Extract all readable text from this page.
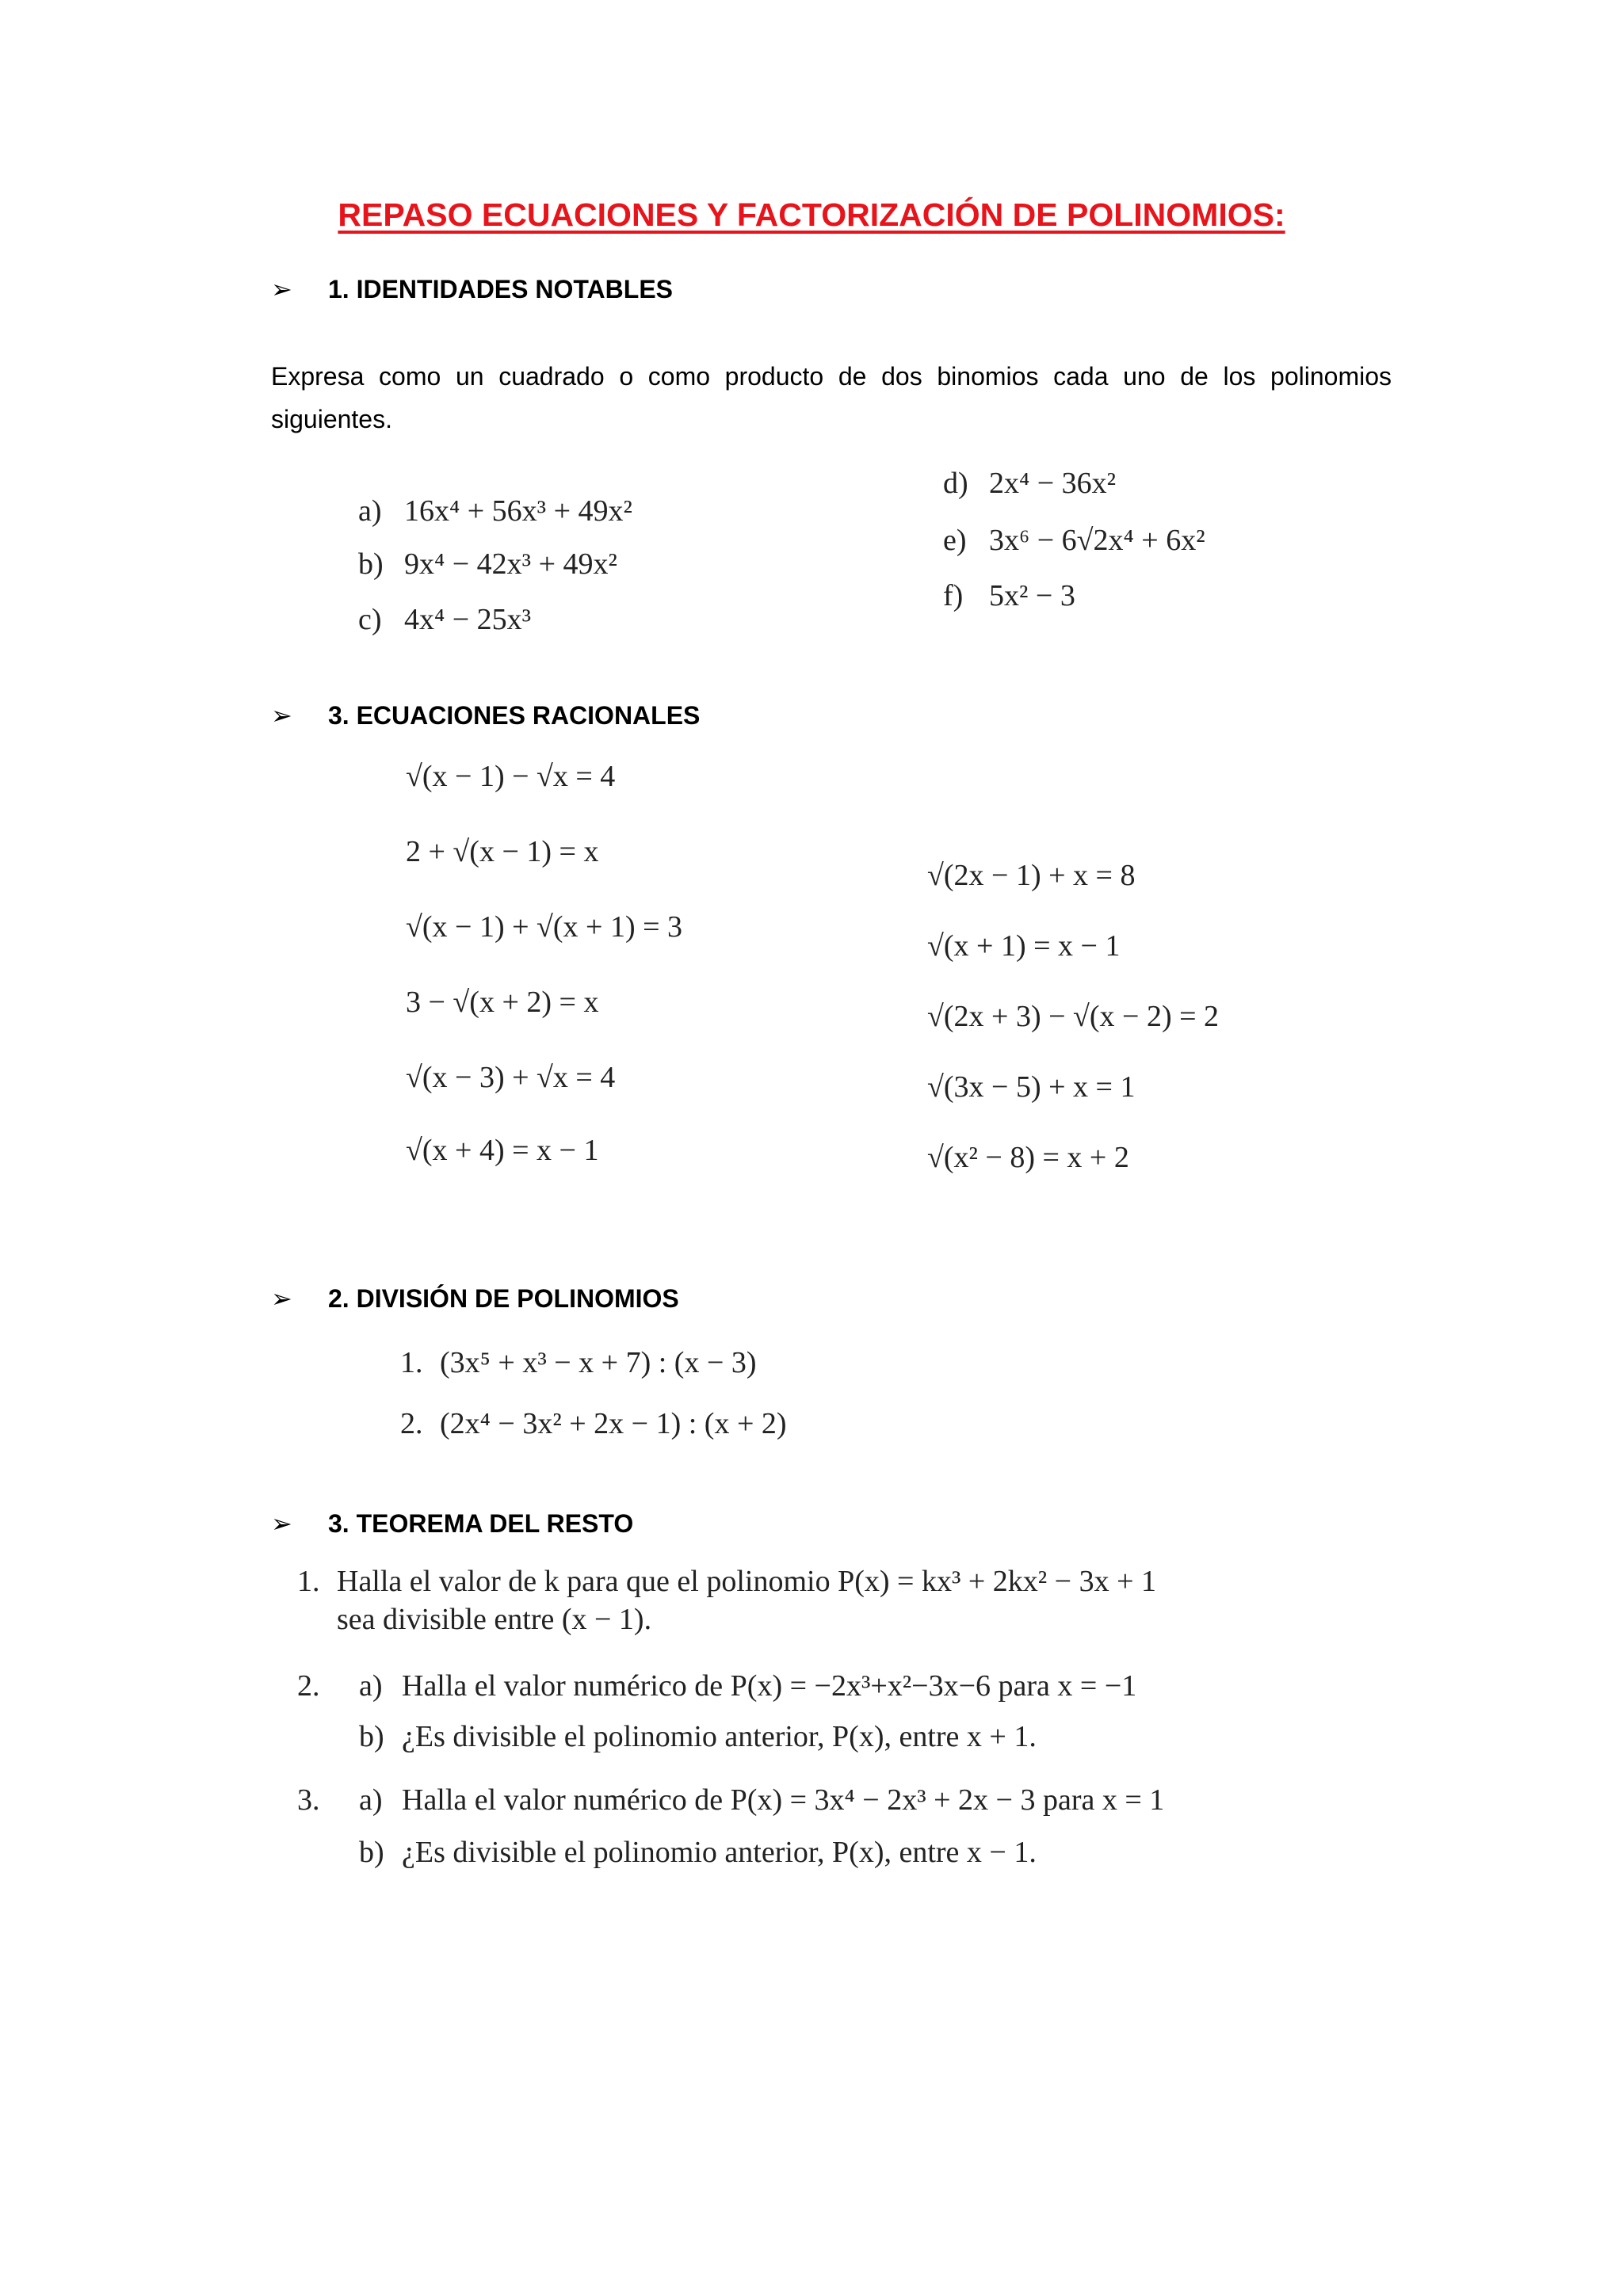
REPASO ECUACIONES Y FACTORIZACIÓN DE POLINOMIOS:
➢	1. IDENTIDADES NOTABLES
Expresa como un cuadrado o como producto de dos binomios cada uno de los polinomios siguientes.
a) 16x⁴ + 56x³ + 49x²
b) 9x⁴ − 42x³ + 49x²
c) 4x⁴ − 25x³
d) 2x⁴ − 36x²
e) 3x⁶ − 6√2x⁴ + 6x²
f) 5x² − 3
➢	3. ECUACIONES RACIONALES
√(x − 1) − √x = 4
2 + √(x − 1) = x
√(x − 1) + √(x + 1) = 3
3 − √(x + 2) = x
√(x − 3) + √x = 4
√(x + 4) = x − 1
√(2x − 1) + x = 8
√(x + 1) = x − 1
√(2x + 3) − √(x − 2) = 2
√(3x − 5) + x = 1
√(x² − 8) = x + 2
➢	2. DIVISIÓN DE POLINOMIOS
1. (3x⁵ + x³ − x + 7) : (x − 3)
2. (2x⁴ − 3x² + 2x − 1) : (x + 2)
➢	3. TEOREMA DEL RESTO
1. Halla el valor de k para que el polinomio P(x) = kx³ + 2kx² − 3x + 1
sea divisible entre (x − 1).
2. a) Halla el valor numérico de P(x) = −2x³+x²−3x−6 para x = −1
b) ¿Es divisible el polinomio anterior, P(x), entre x + 1.
3. a) Halla el valor numérico de P(x) = 3x⁴ − 2x³ + 2x − 3 para x = 1
b) ¿Es divisible el polinomio anterior, P(x), entre x − 1.
